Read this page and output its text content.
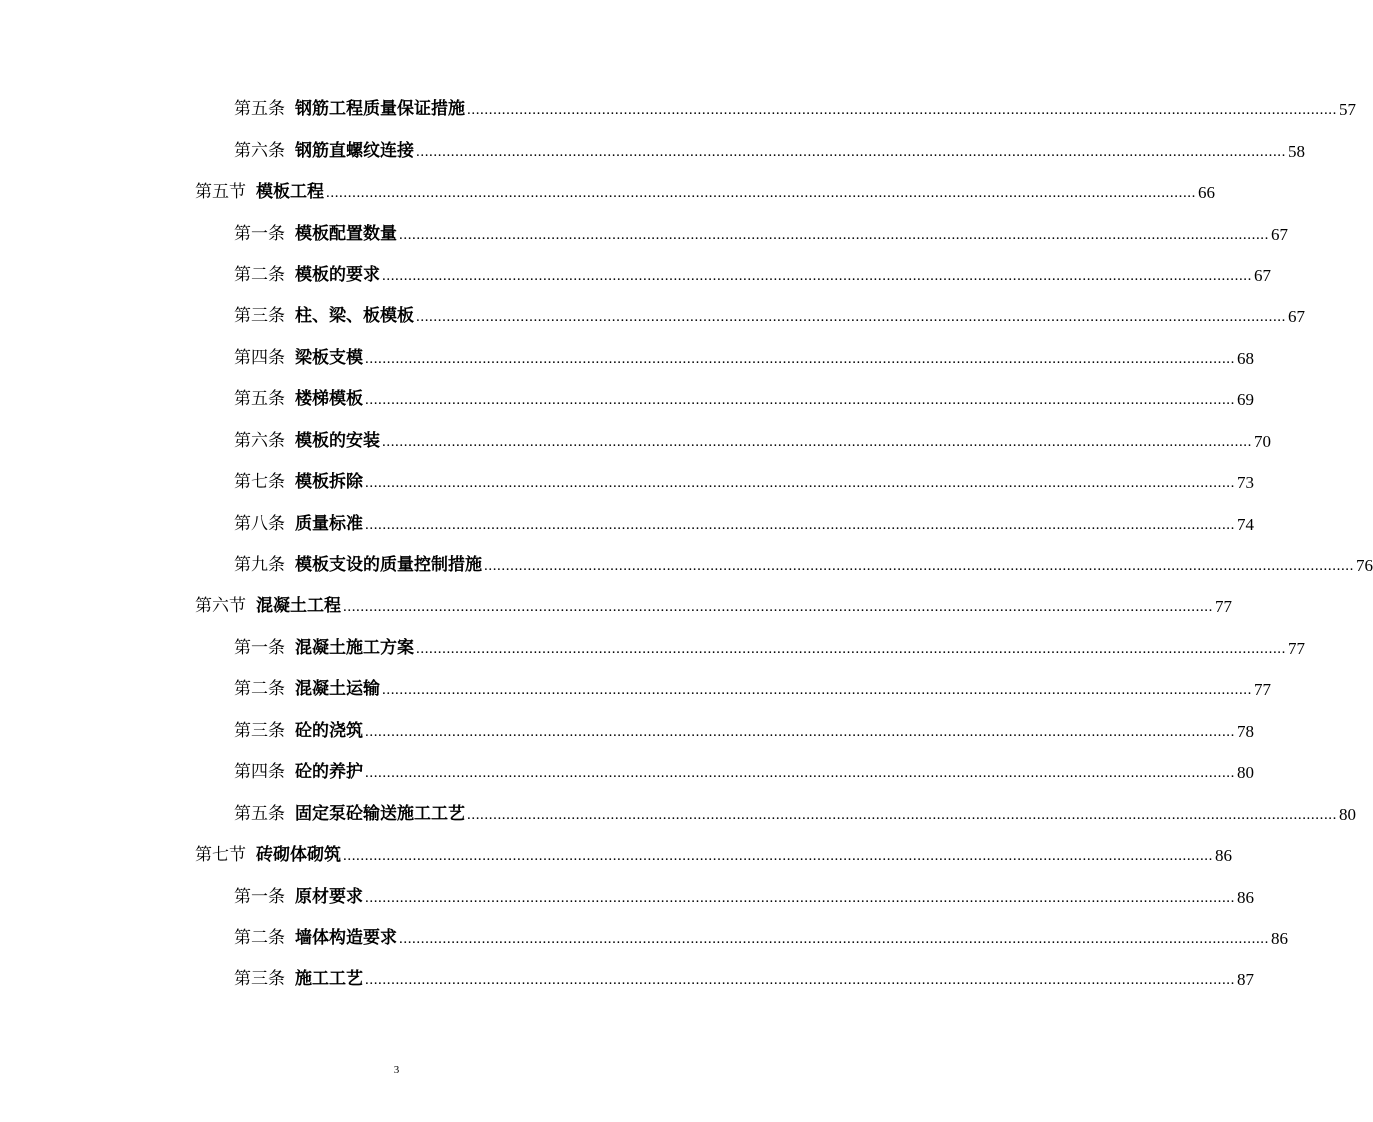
第五条 钢筋工程质量保证措施 ........................................................................................................................................................................................................ 57
第六条 钢筋直螺纹连接 ........................................................................................................................................................................................................ 58
第五节 模板工程 ........................................................................................................................................................................................................ 66
第一条 模板配置数量 ........................................................................................................................................................................................................ 67
第二条 模板的要求 ........................................................................................................................................................................................................ 67
第三条 柱、梁、板模板 ........................................................................................................................................................................................................ 67
第四条 梁板支模 ........................................................................................................................................................................................................ 68
第五条 楼梯模板 ........................................................................................................................................................................................................ 69
第六条 模板的安装 ........................................................................................................................................................................................................ 70
第七条 模板拆除 ........................................................................................................................................................................................................ 73
第八条 质量标准 ........................................................................................................................................................................................................ 74
第九条 模板支设的质量控制措施 ........................................................................................................................................................................................................ 76
第六节 混凝土工程 ........................................................................................................................................................................................................ 77
第一条 混凝土施工方案 ........................................................................................................................................................................................................ 77
第二条 混凝土运输 ........................................................................................................................................................................................................ 77
第三条 砼的浇筑 ........................................................................................................................................................................................................ 78
第四条 砼的养护 ........................................................................................................................................................................................................ 80
第五条 固定泵砼输送施工工艺 ........................................................................................................................................................................................................ 80
第七节 砖砌体砌筑 ........................................................................................................................................................................................................ 86
第一条 原材要求 ........................................................................................................................................................................................................ 86
第二条 墙体构造要求 ........................................................................................................................................................................................................ 86
第三条 施工工艺 ........................................................................................................................................................................................................ 87
3
